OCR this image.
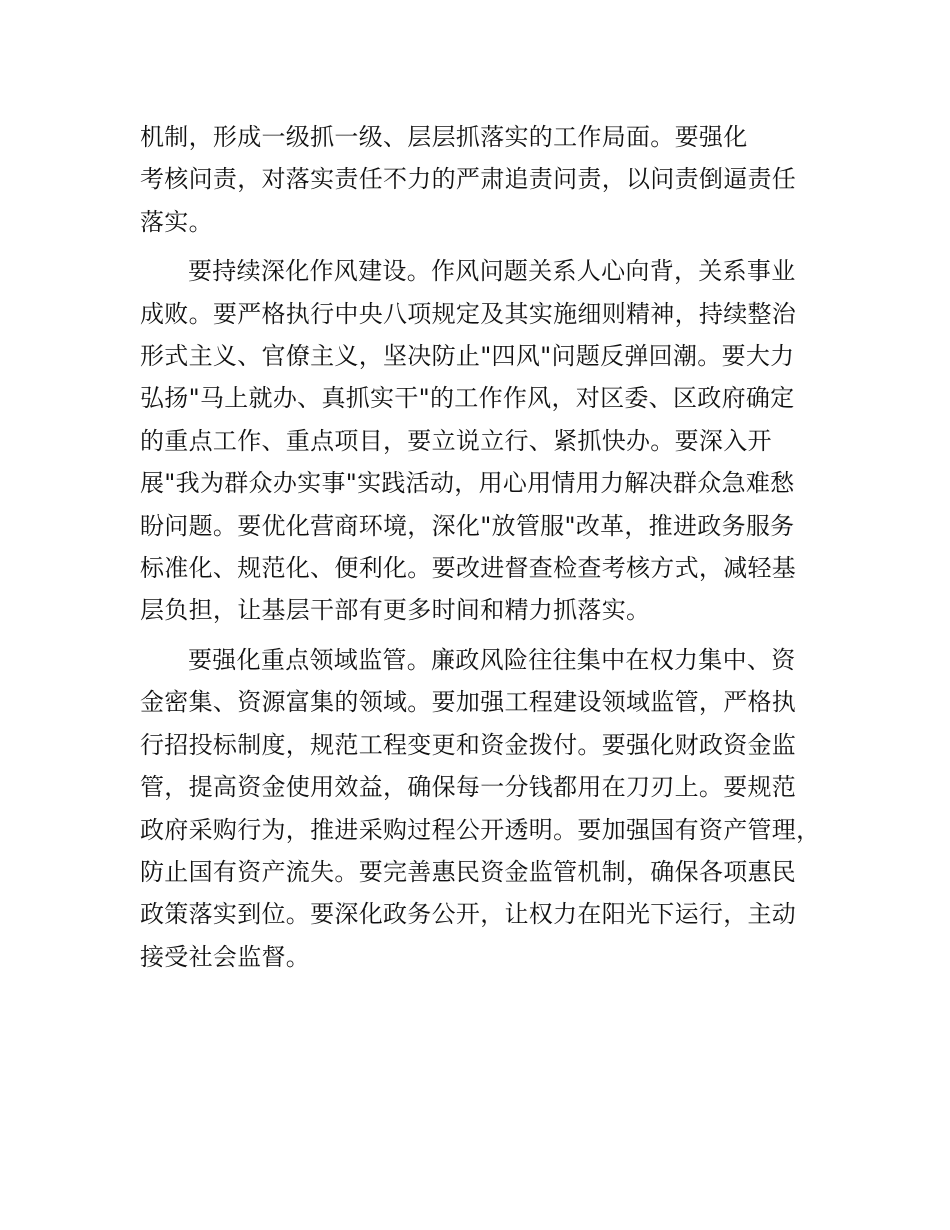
机制，形成一级抓一级、层层抓落实的工作局面。要强化
考核问责，对落实责任不力的严肃追责问责，以问责倒逼责任
落实。

要持续深化作风建设。作风问题关系人心向背，关系事业
成败。要严格执行中央八项规定及其实施细则精神，持续整治
形式主义、官僚主义，坚决防止"四风"问题反弹回潮。要大力
弘扬"马上就办、真抓实干"的工作作风，对区委、区政府确定
的重点工作、重点项目，要立说立行、紧抓快办。要深入开
展"我为群众办实事"实践活动，用心用情用力解决群众急难愁
盼问题。要优化营商环境，深化"放管服"改革，推进政务服务
标准化、规范化、便利化。要改进督查检查考核方式，减轻基
层负担，让基层干部有更多时间和精力抓落实。

要强化重点领域监管。廉政风险往往集中在权力集中、资
金密集、资源富集的领域。要加强工程建设领域监管，严格执
行招投标制度，规范工程变更和资金拨付。要强化财政资金监
管，提高资金使用效益，确保每一分钱都用在刀刃上。要规范
政府采购行为，推进采购过程公开透明。要加强国有资产管理，
防止国有资产流失。要完善惠民资金监管机制，确保各项惠民
政策落实到位。要深化政务公开，让权力在阳光下运行，主动
接受社会监督。
